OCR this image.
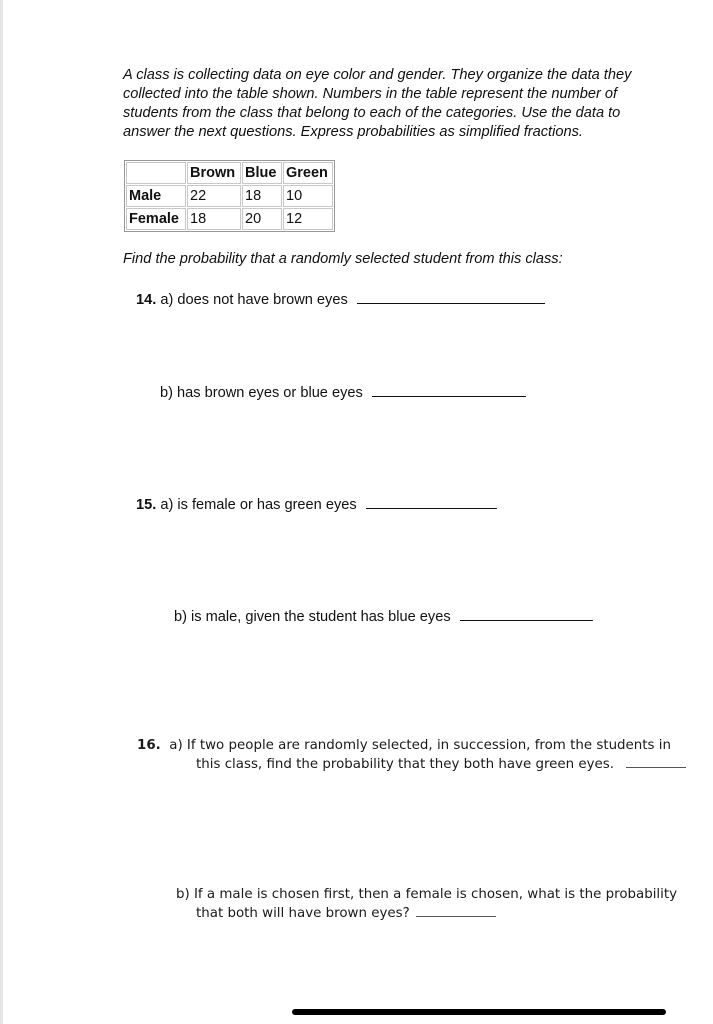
A class is collecting data on eye color and gender. They organize the data they
collected into the table shown. Numbers in the table represent the number of
students from the class that belong to each of the categories. Use the data to
answer the next questions. Express probabilities as simplified fractions.
	Brown	Blue	Green
Male	22	18	10
Female	18	20	12
Find the probability that a randomly selected student from this class:
14. a) does not have brown eyes
b) has brown eyes or blue eyes
15. a) is female or has green eyes
b) is male, given the student has blue eyes
16. a) If two people are randomly selected, in succession, from the students in
this class, find the probability that they both have green eyes.
b) If a male is chosen first, then a female is chosen, what is the probability
that both will have brown eyes?
